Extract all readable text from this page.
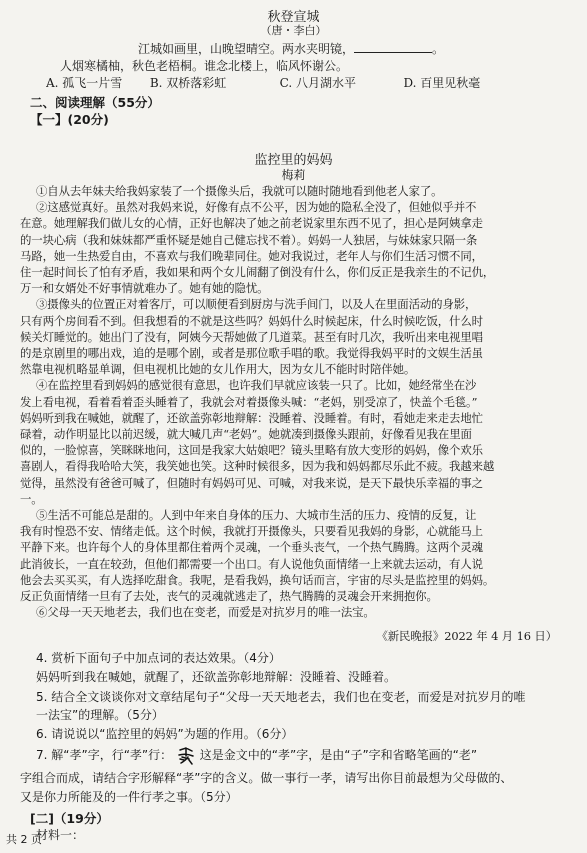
秋登宣城
（唐・李白）
江城如画里，山晚望晴空。两水夹明镜，	。
人烟寒橘柚，秋色老梧桐。谁念北楼上，临风怀谢公。
A. 孤飞一片雪 B. 双桥落彩虹	C. 八月湖水平	D. 百里见秋毫
二、阅读理解（55分）
【一】(20分)
监控里的妈妈
梅莉
①自从去年妹夫给我妈家装了一个摄像头后，我就可以随时随地看到他老人家了。
②这感觉真好。虽然对我妈来说，好像有点不公平，因为她的隐私全没了，但她似乎并不
在意。她理解我们做儿女的心情，正好也解决了她之前老说家里东西不见了，担心是阿姨拿走
的一块心病（我和妹妹都严重怀疑是她自己健忘找不着）。妈妈一人独居，与妹妹家只隔一条
马路，她一生热爱自由，不喜欢与我们晚辈同住。她对我说过，老年人与你们生活习惯不同，
住一起时间长了怕有矛盾，我如果和两个女儿闹翻了倒没有什么，你们反正是我亲生的不记仇，
万一和女婿处不好事情就难办了。她有她的隐忧。
③摄像头的位置正对着客厅，可以顺便看到厨房与洗手间门，以及人在里面活动的身影，
只有两个房间看不到。但我想看的不就是这些吗？妈妈什么时候起床，什么时候吃饭，什么时
候关灯睡觉的。她出门了没有，阿姨今天帮她做了几道菜。甚至有时几次，我听出来电视里唱
的是京剧里的哪出戏，追的是哪个剧，或者是那位歌手唱的歌。我觉得我妈平时的文娱生活虽
然靠电视机略显单调，但电视机比她的女儿作用大，因为女儿不能时时陪伴她。
④在监控里看到妈妈的感觉很有意思，也许我们早就应该装一只了。比如，她经常坐在沙
发上看电视，看着看着歪头睡着了，我就会对着摄像头喊：“老妈，别受凉了，快盖个毛毯。”
妈妈听到我在喊她，就醒了，还欲盖弥彰地辩解：没睡着、没睡着。有时，看她走来走去地忙
碌着，动作明显比以前迟缓，就大喊几声“老妈”。她就凑到摄像头跟前，好像看见我在里面
似的，一脸惊喜，笑眯眯地问，这回是我家大姑娘吧？镜头里略有放大变形的妈妈，像个欢乐
喜剧人，看得我哈哈大笑，我笑她也笑。这种时候很多，因为我和妈妈都尽乐此不疲。我越来越
觉得，虽然没有爸爸可喊了，但随时有妈妈可见、可喊，对我来说，是天下最快乐幸福的事之
一。
⑤生活不可能总是甜的。人到中年来自身体的压力、大城市生活的压力、疫情的反复，让
我有时惶恐不安、情绪走低。这个时候，我就打开摄像头，只要看见我妈的身影，心就能马上
平静下来。也许每个人的身体里都住着两个灵魂，一个垂头丧气，一个热气腾腾。这两个灵魂
此消彼长，一直在较劲，但他们都需要一个出口。有人说他负面情绪一上来就去运动，有人说
他会去买买买，有人选择吃甜食。我呢，是看我妈，换句话而言，宇宙的尽头是监控里的妈妈。
反正负面情绪一旦有了去处，丧气的灵魂就逃走了，热气腾腾的灵魂会开来拥抱你。
⑥父母一天天地老去，我们也在变老，而爱是对抗岁月的唯一法宝。
《新民晚报》2022 年 4 月 16 日）
4. 赏析下面句子中加点词的表达效果。（4分）
妈妈听到我在喊她，就醒了，还欲盖弥彰地辩解：没睡着、没睡着。
5. 结合全文谈谈你对文章结尾句子“父母一天天地老去，我们也在变老，而爱是对抗岁月的唯
一法宝”的理解。（5分）
6. 请说说以“监控里的妈妈”为题的作用。（6分）
7. 解“孝”字，行“孝”行： 这是金文中的“孝”字，是由“子”字和省略笔画的“老”
字组合而成，请结合字形解释“孝”字的含义。做一事行一孝，请写出你目前最想为父母做的、
又是你力所能及的一件行孝之事。（5分）
[二]（19分）
材料一：
共 2 页
